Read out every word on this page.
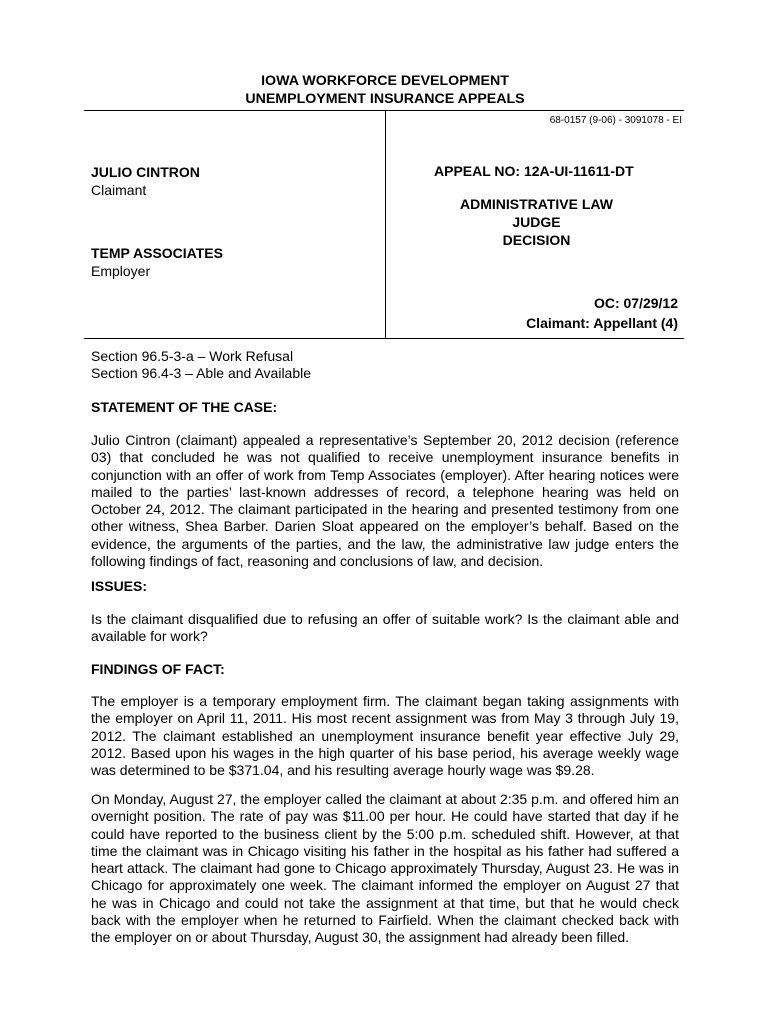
IOWA WORKFORCE DEVELOPMENT
UNEMPLOYMENT INSURANCE APPEALS
68-0157 (9-06) - 3091078 - EI
JULIO CINTRON
Claimant
TEMP ASSOCIATES
Employer
APPEAL NO: 12A-UI-11611-DT
ADMINISTRATIVE LAW JUDGE
DECISION
OC: 07/29/12
Claimant: Appellant (4)
Section 96.5-3-a – Work Refusal
Section 96.4-3 – Able and Available
STATEMENT OF THE CASE:

Julio Cintron (claimant) appealed a representative’s September 20, 2012 decision (reference 03) that concluded he was not qualified to receive unemployment insurance benefits in conjunction with an offer of work from Temp Associates (employer). After hearing notices were mailed to the parties’ last-known addresses of record, a telephone hearing was held on October 24, 2012. The claimant participated in the hearing and presented testimony from one other witness, Shea Barber. Darien Sloat appeared on the employer’s behalf. Based on the evidence, the arguments of the parties, and the law, the administrative law judge enters the following findings of fact, reasoning and conclusions of law, and decision.

ISSUES:

Is the claimant disqualified due to refusing an offer of suitable work? Is the claimant able and available for work?

FINDINGS OF FACT:

The employer is a temporary employment firm. The claimant began taking assignments with the employer on April 11, 2011. His most recent assignment was from May 3 through July 19, 2012. The claimant established an unemployment insurance benefit year effective July 29, 2012. Based upon his wages in the high quarter of his base period, his average weekly wage was determined to be $371.04, and his resulting average hourly wage was $9.28.

On Monday, August 27, the employer called the claimant at about 2:35 p.m. and offered him an overnight position. The rate of pay was $11.00 per hour. He could have started that day if he could have reported to the business client by the 5:00 p.m. scheduled shift. However, at that time the claimant was in Chicago visiting his father in the hospital as his father had suffered a heart attack. The claimant had gone to Chicago approximately Thursday, August 23. He was in Chicago for approximately one week. The claimant informed the employer on August 27 that he was in Chicago and could not take the assignment at that time, but that he would check back with the employer when he returned to Fairfield. When the claimant checked back with the employer on or about Thursday, August 30, the assignment had already been filled.
